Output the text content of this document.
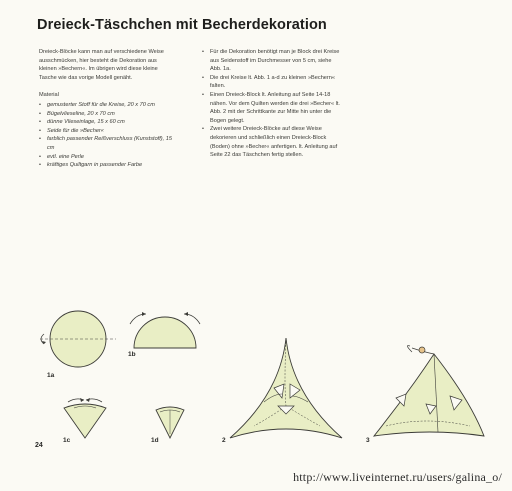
Dreieck-Täschchen mit Becherdekoration

Dreieck-Blöcke kann man auf verschiedene Weise ausschmücken, hier besteht die Dekoration aus kleinen »Bechern«. Im übrigen wird diese kleine Tasche wie das vorige Modell genäht.

Material

• gemusterter Stoff für die Kreise, 20 x 70 cm
• Bügelvlieseline, 20 x 70 cm
• dünne Vlieseinlage, 15 x 60 cm
• Seide für die »Becher«
• farblich passender Reißverschluss (Kunststoff), 15 cm
• evtl. eine Perle
• kräftiges Quiltgarn in passender Farbe
• Für die Dekoration benötigt man je Block drei Kreise aus Seidenstoff im Durchmesser von 5 cm, siehe Abb. 1a.
• Die drei Kreise lt. Abb. 1 a-d zu kleinen »Bechern« falten.
• Einen Dreieck-Block lt. Anleitung auf Seite 14-18 nähen. Vor dem Quilten werden die drei »Becher« lt. Abb. 2 mit der Schrittkante zur Mitte hin unter die Bogen gelegt.
• Zwei weitere Dreieck-Blöcke auf diese Weise dekorieren und schließlich einen Dreieck-Block (Boden) ohne »Becher« anfertigen. lt. Anleitung auf Seite 22 das Täschchen fertig stellen.
1a
1b
1c	1d	2	3
24
http://www.liveinternet.ru/users/galina_o/
